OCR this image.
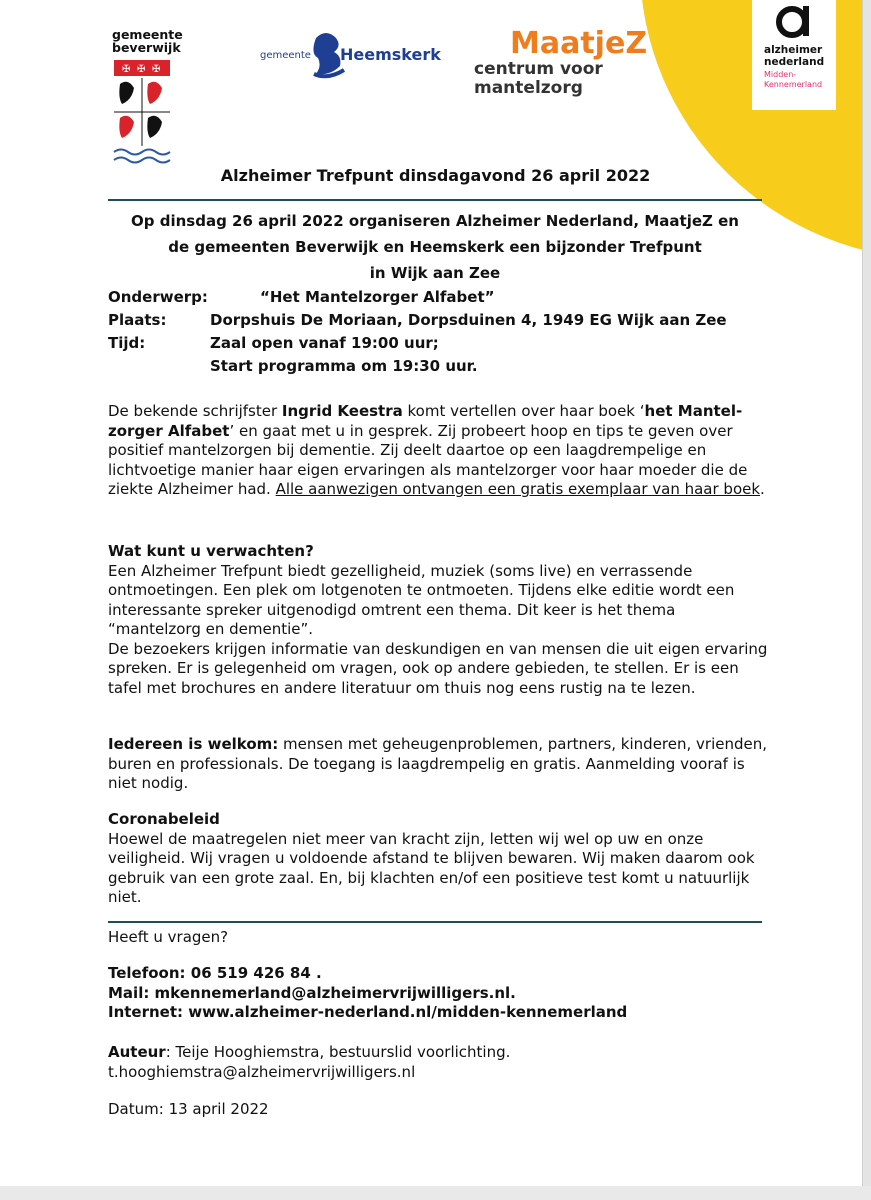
gemeente beverwijk
✠ ✠ ✠
gemeente Heemskerk MaatjeZ
centrum voor
mantelzorg
alzheimer
nederland
Midden-
Kennemerland
Alzheimer Trefpunt dinsdagavond 26 april 2022
Op dinsdag 26 april 2022 organiseren Alzheimer Nederland, MaatjeZ en
de gemeenten Beverwijk en Heemskerk een bijzonder Trefpunt
in Wijk aan Zee
Onderwerp:	“Het Mantelzorger Alfabet”
Plaats:	Dorpshuis De Moriaan, Dorpsduinen 4, 1949 EG Wijk aan Zee
Tijd:	Zaal open vanaf 19:00 uur;
Start programma om 19:30 uur.
De bekende schrijfster Ingrid Keestra komt vertellen over haar boek ‘het Mantel-zorger Alfabet’ en gaat met u in gesprek. Zij probeert hoop en tips te geven over positief mantelzorgen bij dementie. Zij deelt daartoe op een laagdrempelige en lichtvoetige manier haar eigen ervaringen als mantelzorger voor haar moeder die de ziekte Alzheimer had. Alle aanwezigen ontvangen een gratis exemplaar van haar boek.
Wat kunt u verwachten?
Een Alzheimer Trefpunt biedt gezelligheid, muziek (soms live) en verrassende ontmoetingen. Een plek om lotgenoten te ontmoeten. Tijdens elke editie wordt een interessante spreker uitgenodigd omtrent een thema. Dit keer is het thema “mantelzorg en dementie”.
De bezoekers krijgen informatie van deskundigen en van mensen die uit eigen ervaring spreken. Er is gelegenheid om vragen, ook op andere gebieden, te stellen. Er is een tafel met brochures en andere literatuur om thuis nog eens rustig na te lezen.
Iedereen is welkom: mensen met geheugenproblemen, partners, kinderen, vrienden, buren en professionals. De toegang is laagdrempelig en gratis. Aanmelding vooraf is niet nodig.
Coronabeleid
Hoewel de maatregelen niet meer van kracht zijn, letten wij wel op uw en onze veiligheid. Wij vragen u voldoende afstand te blijven bewaren. Wij maken daarom ook gebruik van een grote zaal. En, bij klachten en/of een positieve test komt u natuurlijk niet.
Heeft u vragen?
Telefoon: 06 519 426 84 .
Mail: mkennemerland@alzheimervrijwilligers.nl.
Internet: www.alzheimer-nederland.nl/midden-kennemerland
Auteur: Teije Hooghiemstra, bestuurslid voorlichting.
t.hooghiemstra@alzheimervrijwilligers.nl
Datum: 13 april 2022
